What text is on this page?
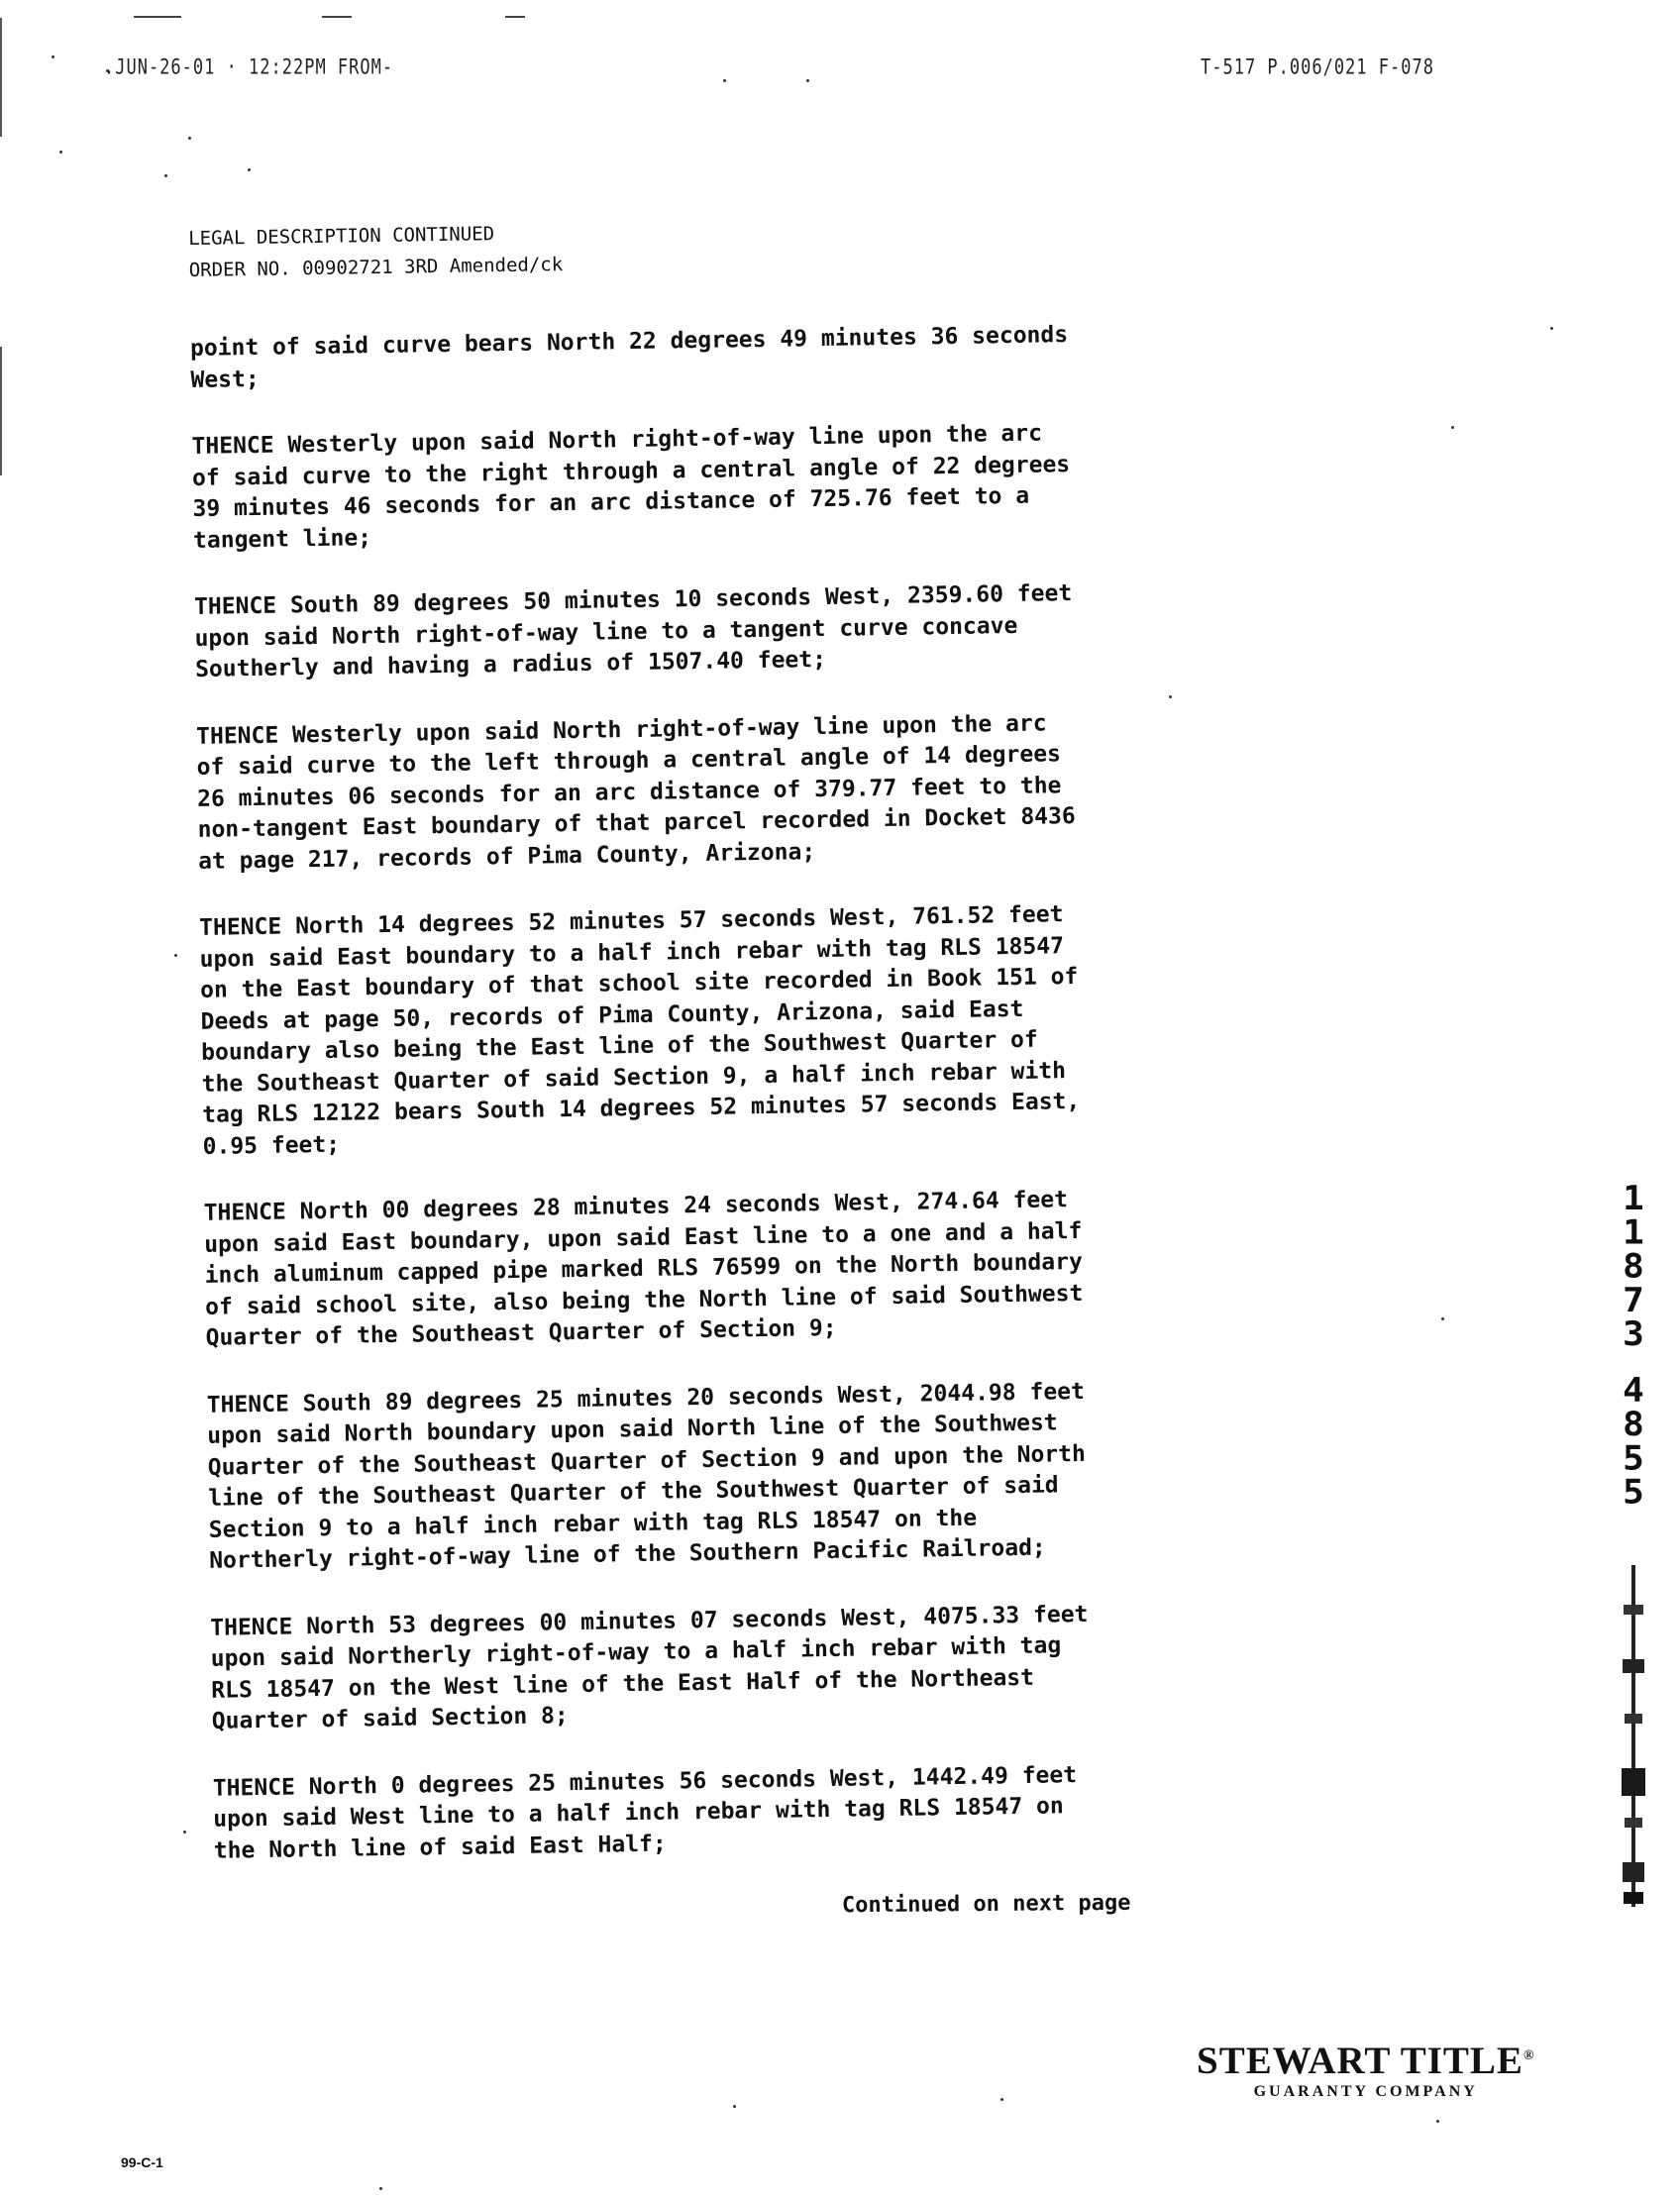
.JUN-26-01 · 12:22PM FROM-	T-517 P.006/021 F-078

LEGAL DESCRIPTION CONTINUED

ORDER NO. 00902721 3RD Amended/ck

point of said curve bears North 22 degrees 49 minutes 36 seconds
West;

THENCE Westerly upon said North right-of-way line upon the arc
of said curve to the right through a central angle of 22 degrees
39 minutes 46 seconds for an arc distance of 725.76 feet to a
tangent line;

THENCE South 89 degrees 50 minutes 10 seconds West, 2359.60 feet
upon said North right-of-way line to a tangent curve concave
Southerly and having a radius of 1507.40 feet;

THENCE Westerly upon said North right-of-way line upon the arc
of said curve to the left through a central angle of 14 degrees
26 minutes 06 seconds for an arc distance of 379.77 feet to the
non-tangent East boundary of that parcel recorded in Docket 8436
at page 217, records of Pima County, Arizona;

THENCE North 14 degrees 52 minutes 57 seconds West, 761.52 feet
upon said East boundary to a half inch rebar with tag RLS 18547
on the East boundary of that school site recorded in Book 151 of
Deeds at page 50, records of Pima County, Arizona, said East
boundary also being the East line of the Southwest Quarter of
the Southeast Quarter of said Section 9, a half inch rebar with
tag RLS 12122 bears South 14 degrees 52 minutes 57 seconds East,
0.95 feet;

THENCE North 00 degrees 28 minutes 24 seconds West, 274.64 feet
upon said East boundary, upon said East line to a one and a half
inch aluminum capped pipe marked RLS 76599 on the North boundary
of said school site, also being the North line of said Southwest
Quarter of the Southeast Quarter of Section 9;

THENCE South 89 degrees 25 minutes 20 seconds West, 2044.98 feet
upon said North boundary upon said North line of the Southwest
Quarter of the Southeast Quarter of Section 9 and upon the North
line of the Southeast Quarter of the Southwest Quarter of said
Section 9 to a half inch rebar with tag RLS 18547 on the
Northerly right-of-way line of the Southern Pacific Railroad;

THENCE North 53 degrees 00 minutes 07 seconds West, 4075.33 feet
upon said Northerly right-of-way to a half inch rebar with tag
RLS 18547 on the West line of the East Half of the Northeast
Quarter of said Section 8;

THENCE North 0 degrees 25 minutes 56 seconds West, 1442.49 feet
upon said West line to a half inch rebar with tag RLS 18547 on
the North line of said East Half;

Continued on next page
1
1
8
7
3
4
8
5
5
STEWART TITLE®
GUARANTY COMPANY
99-C-1
